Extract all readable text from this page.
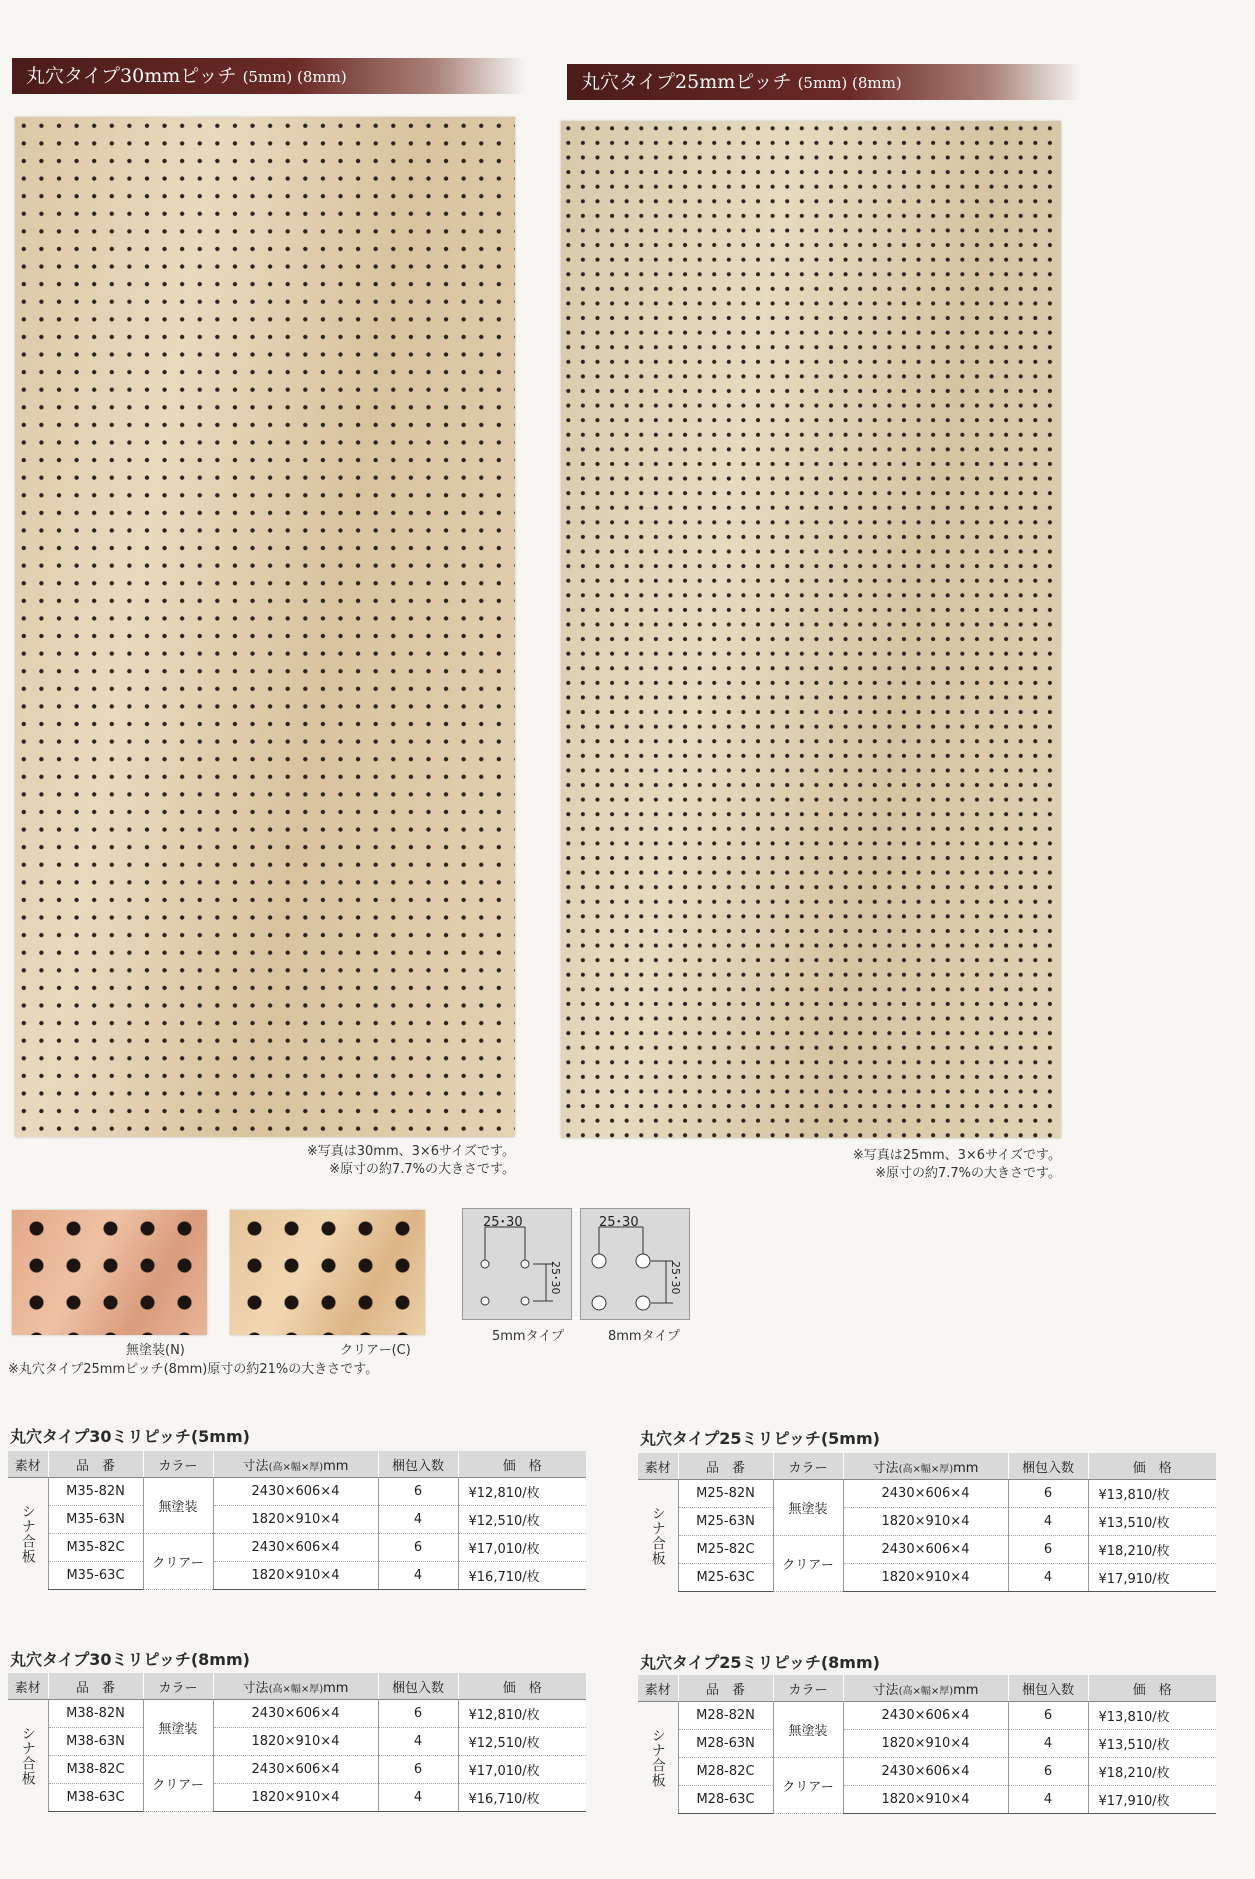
丸穴タイプ30mmピッチ (5mm) (8mm)	丸穴タイプ25mmピッチ (5mm) (8mm)
※写真は30mm、3×6サイズです。
※原寸の約7.7%の大きさです。
※写真は25mm、3×6サイズです。
※原寸の約7.7%の大きさです。
無塗装(N)	クリアー(C)
※丸穴タイプ25mmピッチ(8mm)原寸の約21%の大きさです。
25･30
25･30
5mmタイプ
25･30
25･30
8mmタイプ
丸穴タイプ30ミリピッチ(5mm)	丸穴タイプ25ミリピッチ(5mm)
丸穴タイプ30ミリピッチ(8mm)	丸穴タイプ25ミリピッチ(8mm)
素材	品　番	カラー	寸法(高×幅×厚)mm	梱包入数	価　格
シナ合板	M35-82N	無塗装	2430×606×4	6	¥12,810/枚
	M35-63N		1820×910×4	4	¥12,510/枚
	M35-82C	クリアー	2430×606×4	6	¥17,010/枚
	M35-63C		1820×910×4	4	¥16,710/枚
素材	品　番	カラー	寸法(高×幅×厚)mm	梱包入数	価　格
シナ合板	M25-82N	無塗装	2430×606×4	6	¥13,810/枚
	M25-63N		1820×910×4	4	¥13,510/枚
	M25-82C	クリアー	2430×606×4	6	¥18,210/枚
	M25-63C		1820×910×4	4	¥17,910/枚
素材	品　番	カラー	寸法(高×幅×厚)mm	梱包入数	価　格
シナ合板	M38-82N	無塗装	2430×606×4	6	¥12,810/枚
	M38-63N		1820×910×4	4	¥12,510/枚
	M38-82C	クリアー	2430×606×4	6	¥17,010/枚
	M38-63C		1820×910×4	4	¥16,710/枚
素材	品　番	カラー	寸法(高×幅×厚)mm	梱包入数	価　格
シナ合板	M28-82N	無塗装	2430×606×4	6	¥13,810/枚
	M28-63N		1820×910×4	4	¥13,510/枚
	M28-82C	クリアー	2430×606×4	6	¥18,210/枚
	M28-63C		1820×910×4	4	¥17,910/枚
